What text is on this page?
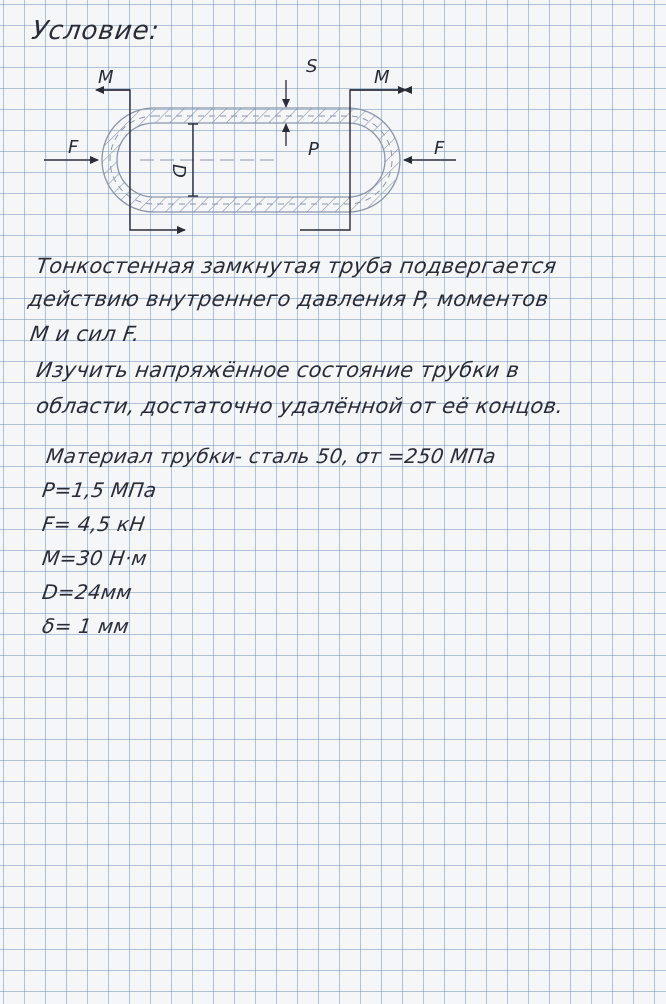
Условие:
M	M
F	F
S
P
D
Тонкостенная замкнутая труба подвергается
действию внутреннего давления P, моментов
M и сил F.
Изучить напряжённое состояние трубки в
области, достаточно удалённой от её концов.
Материал трубки- сталь 50, σт =250 МПа
P=1,5 МПа
F= 4,5 кН
M=30 Н·м
D=24мм
δ= 1 мм
